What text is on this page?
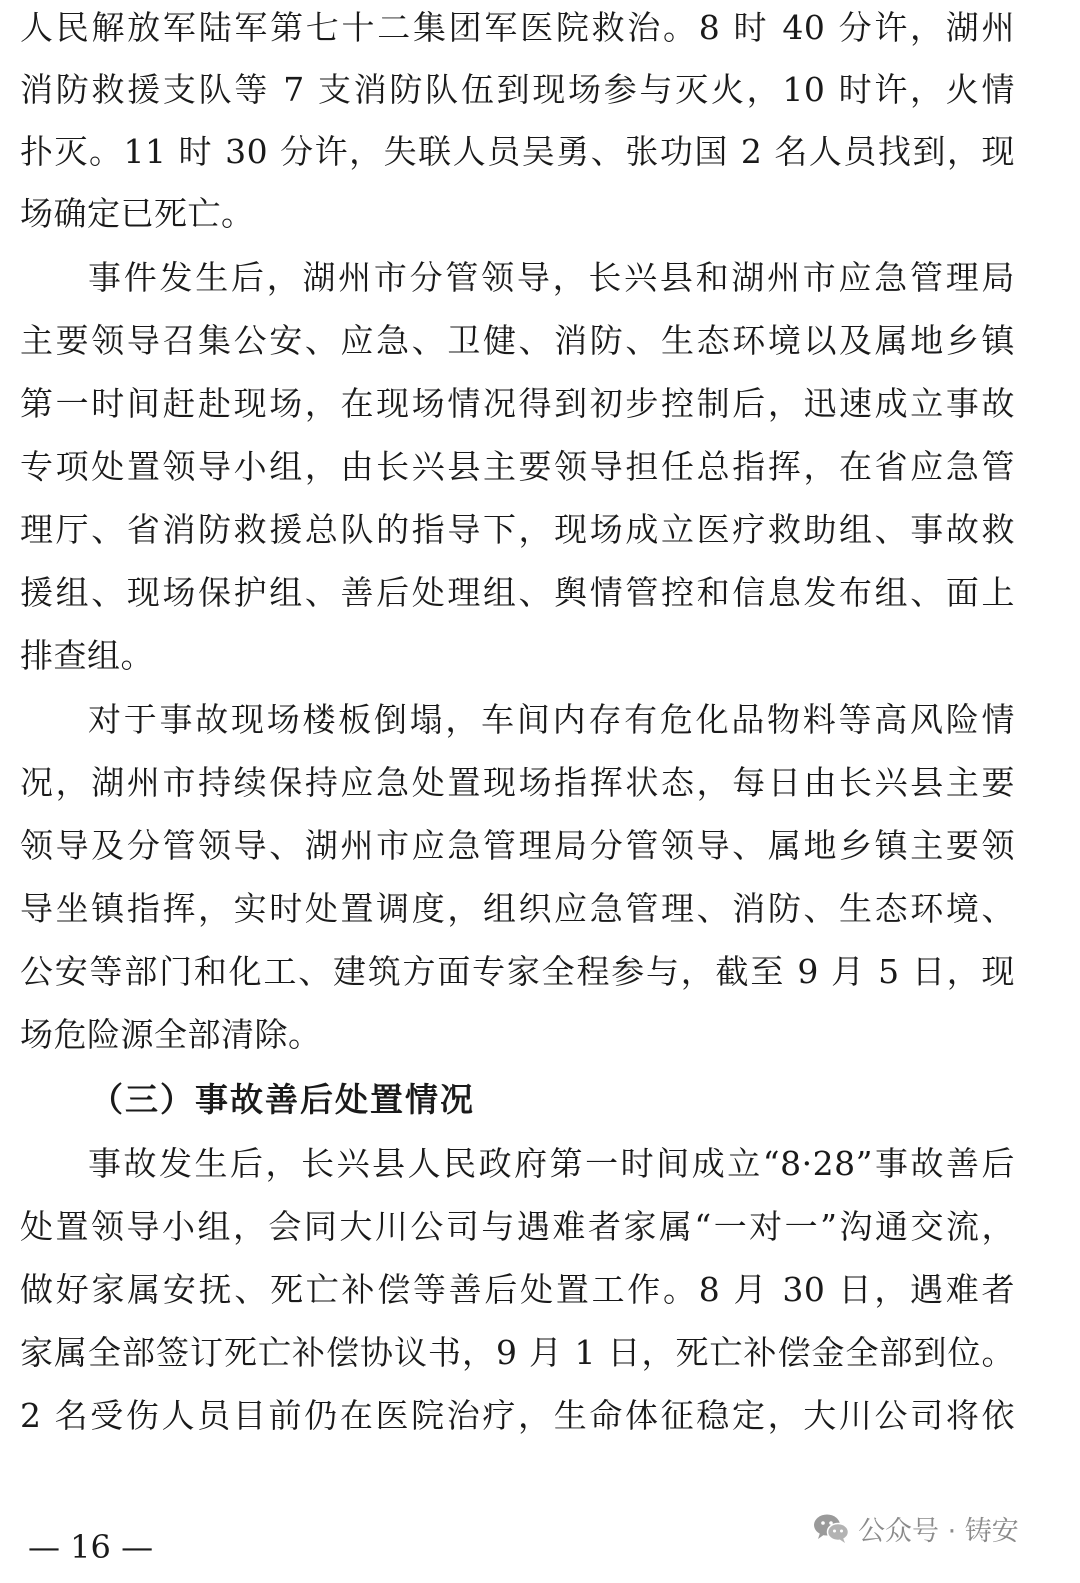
人民解放军陆军第七十二集团军医院救治。8 时 40 分许，湖州
消防救援支队等 7 支消防队伍到现场参与灭火，10 时许，火情
扑灭。11 时 30 分许，失联人员吴勇、张功国 2 名人员找到，现
场确定已死亡。
事件发生后，湖州市分管领导，长兴县和湖州市应急管理局
主要领导召集公安、应急、卫健、消防、生态环境以及属地乡镇
第一时间赶赴现场，在现场情况得到初步控制后，迅速成立事故
专项处置领导小组，由长兴县主要领导担任总指挥，在省应急管
理厅、省消防救援总队的指导下，现场成立医疗救助组、事故救
援组、现场保护组、善后处理组、舆情管控和信息发布组、面上
排查组。
对于事故现场楼板倒塌，车间内存有危化品物料等高风险情
况，湖州市持续保持应急处置现场指挥状态，每日由长兴县主要
领导及分管领导、湖州市应急管理局分管领导、属地乡镇主要领
导坐镇指挥，实时处置调度，组织应急管理、消防、生态环境、
公安等部门和化工、建筑方面专家全程参与，截至 9 月 5 日，现
场危险源全部清除。
（三）事故善后处置情况
事故发生后，长兴县人民政府第一时间成立“8·28”事故善后
处置领导小组，会同大川公司与遇难者家属“一对一”沟通交流，
做好家属安抚、死亡补偿等善后处置工作。8 月 30 日，遇难者
家属全部签订死亡补偿协议书，9 月 1 日，死亡补偿金全部到位。
2 名受伤人员目前仍在医院治疗，生命体征稳定，大川公司将依
— 16 —	公众号 · 铸安
